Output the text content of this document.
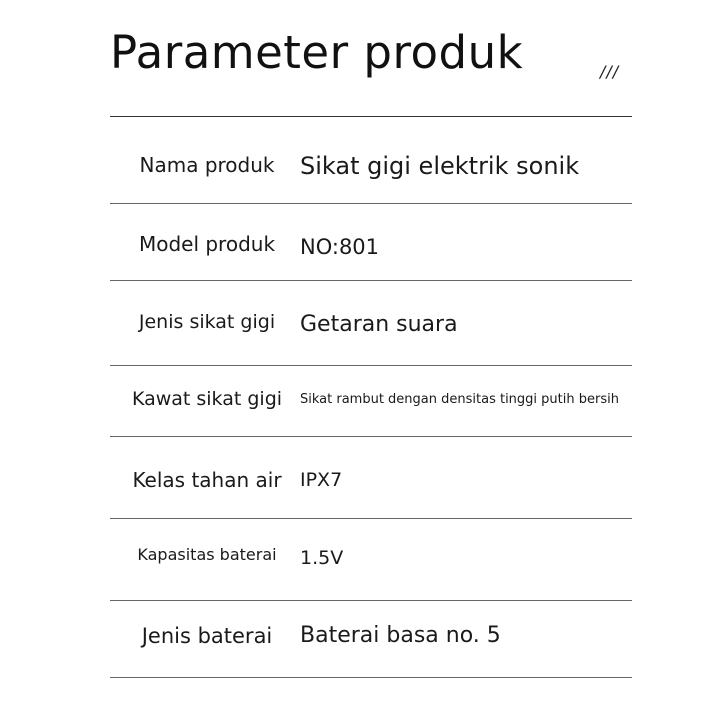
Parameter produk	///
Nama produk	Sikat gigi elektrik sonik
Model produk	NO:801
Jenis sikat gigi	Getaran suara
Kawat sikat gigi	Sikat rambut dengan densitas tinggi putih bersih
Kelas tahan air IPX7
Kapasitas baterai	1.5V
Jenis baterai	Baterai basa no. 5
